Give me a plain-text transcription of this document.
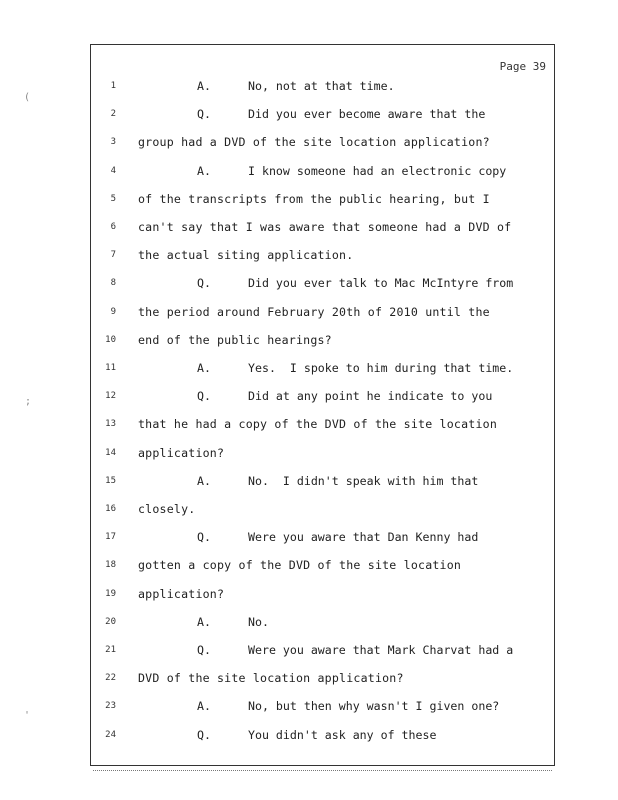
(
;
'
Page 39
1	A.	No, not at that time.
2	Q.	Did you ever become aware that the
3 group had a DVD of the site location application?
4	A.	I know someone had an electronic copy
5 of the transcripts from the public hearing, but I
6 can't say that I was aware that someone had a DVD of
7 the actual siting application.
8	Q.	Did you ever talk to Mac McIntyre from
9 the period around February 20th of 2010 until the
10 end of the public hearings?
11	A.	Yes.  I spoke to him during that time.
12	Q.	Did at any point he indicate to you
13 that he had a copy of the DVD of the site location
14 application?
15	A.	No.  I didn't speak with him that
16 closely.
17	Q.	Were you aware that Dan Kenny had
18 gotten a copy of the DVD of the site location
19 application?
20	A.	No.
21	Q.	Were you aware that Mark Charvat had a
22 DVD of the site location application?
23	A.	No, but then why wasn't I given one?
24	Q.	You didn't ask any of these
